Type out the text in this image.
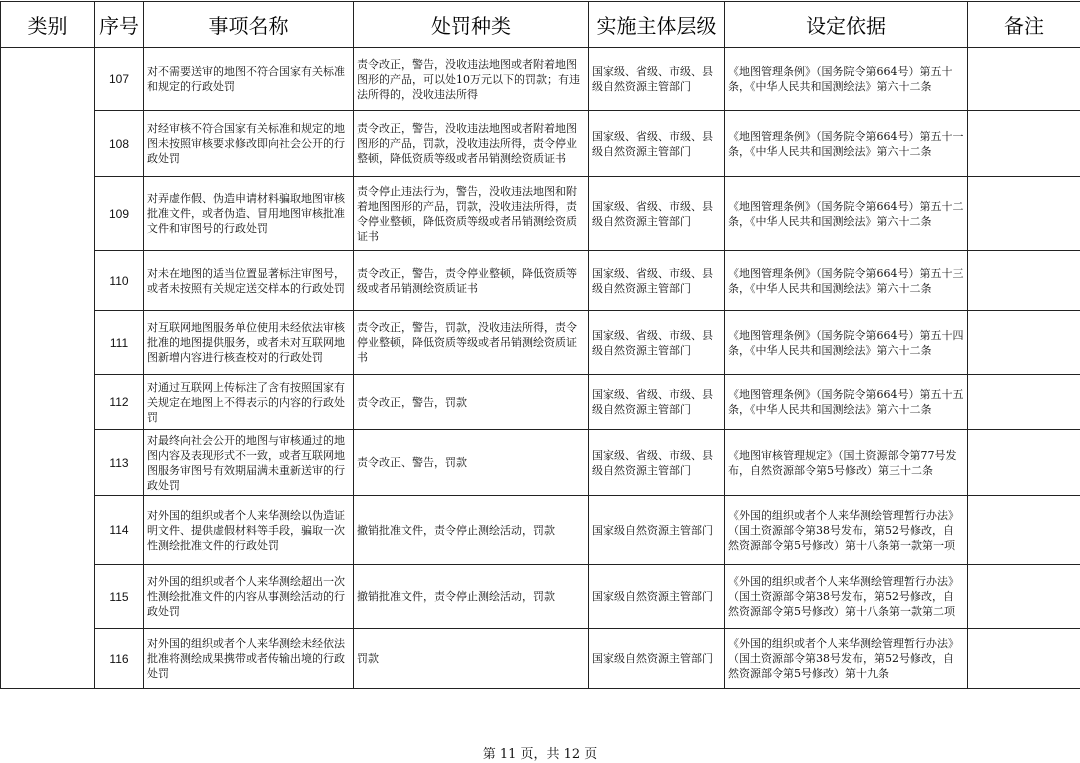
类别	序号	事项名称	处罚种类	实施主体层级	设定依据	备注
	107	对不需要送审的地图不符合国家有关标准和规定的行政处罚	责令改正，警告，没收违法地图或者附着地图图形的产品，可以处10万元以下的罚款；有违法所得的，没收违法所得	国家级、省级、市级、县级自然资源主管部门	《地图管理条例》（国务院令第664号）第五十条，《中华人民共和国测绘法》第六十二条	
	108	对经审核不符合国家有关标准和规定的地图未按照审核要求修改即向社会公开的行政处罚	责令改正，警告，没收违法地图或者附着地图图形的产品，罚款，没收违法所得，责令停业整顿，降低资质等级或者吊销测绘资质证书	国家级、省级、市级、县级自然资源主管部门	《地图管理条例》（国务院令第664号）第五十一条，《中华人民共和国测绘法》第六十二条	
	109	对弄虚作假、伪造申请材料骗取地图审核批准文件，或者伪造、冒用地图审核批准文件和审图号的行政处罚	责令停止违法行为，警告，没收违法地图和附着地图图形的产品，罚款，没收违法所得，责令停业整顿，降低资质等级或者吊销测绘资质证书	国家级、省级、市级、县级自然资源主管部门	《地图管理条例》（国务院令第664号）第五十二条，《中华人民共和国测绘法》第六十二条	
	110	对未在地图的适当位置显著标注审图号，或者未按照有关规定送交样本的行政处罚	责令改正，警告，责令停业整顿，降低资质等级或者吊销测绘资质证书	国家级、省级、市级、县级自然资源主管部门	《地图管理条例》（国务院令第664号）第五十三条，《中华人民共和国测绘法》第六十二条	
	111	对互联网地图服务单位使用未经依法审核批准的地图提供服务，或者未对互联网地图新增内容进行核查校对的行政处罚	责令改正，警告，罚款，没收违法所得，责令停业整顿，降低资质等级或者吊销测绘资质证书	国家级、省级、市级、县级自然资源主管部门	《地图管理条例》（国务院令第664号）第五十四条，《中华人民共和国测绘法》第六十二条	
	112	对通过互联网上传标注了含有按照国家有关规定在地图上不得表示的内容的行政处罚	责令改正，警告，罚款	国家级、省级、市级、县级自然资源主管部门	《地图管理条例》（国务院令第664号）第五十五条，《中华人民共和国测绘法》第六十二条	
	113	对最终向社会公开的地图与审核通过的地图内容及表现形式不一致，或者互联网地图服务审图号有效期届满未重新送审的行政处罚	责令改正、警告，罚款	国家级、省级、市级、县级自然资源主管部门	《地图审核管理规定》（国土资源部令第77号发布，自然资源部令第5号修改）第三十二条	
	114	对外国的组织或者个人来华测绘以伪造证明文件、提供虚假材料等手段，骗取一次性测绘批准文件的行政处罚	撤销批准文件，责令停止测绘活动，罚款	国家级自然资源主管部门	《外国的组织或者个人来华测绘管理暂行办法》（国土资源部令第38号发布，第52号修改，自然资源部令第5号修改）第十八条第一款第一项	
	115	对外国的组织或者个人来华测绘超出一次性测绘批准文件的内容从事测绘活动的行政处罚	撤销批准文件，责令停止测绘活动，罚款	国家级自然资源主管部门	《外国的组织或者个人来华测绘管理暂行办法》（国土资源部令第38号发布，第52号修改，自然资源部令第5号修改）第十八条第一款第二项	
	116	对外国的组织或者个人来华测绘未经依法批准将测绘成果携带或者传输出境的行政处罚	罚款	国家级自然资源主管部门	《外国的组织或者个人来华测绘管理暂行办法》（国土资源部令第38号发布，第52号修改，自然资源部令第5号修改）第十九条	
第 11 页，共 12 页
